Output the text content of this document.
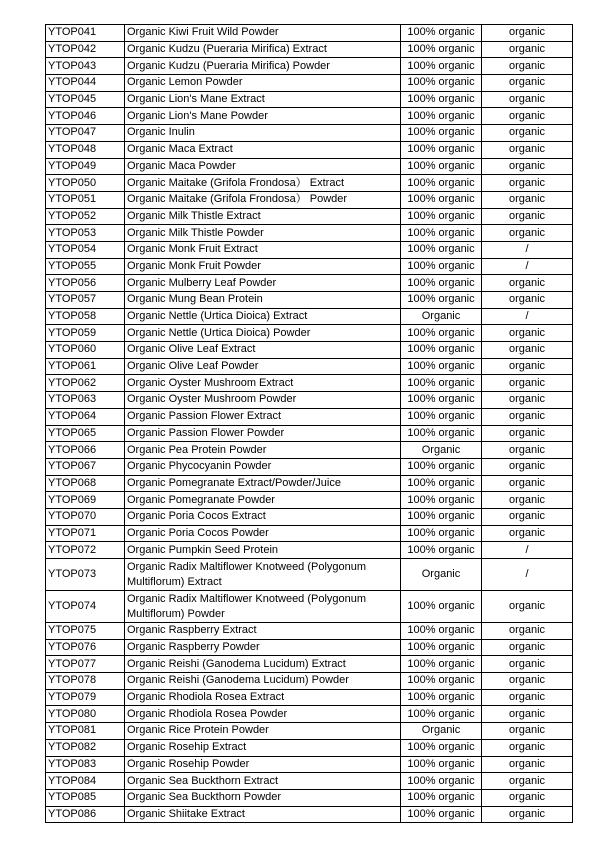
YTOP041	Organic Kiwi Fruit Wild Powder	100% organic	organic
YTOP042	Organic Kudzu (Pueraria Mirifica) Extract	100% organic	organic
YTOP043	Organic Kudzu (Pueraria Mirifica) Powder	100% organic	organic
YTOP044	Organic Lemon Powder	100% organic	organic
YTOP045	Organic Lion's Mane Extract	100% organic	organic
YTOP046	Organic Lion's Mane Powder	100% organic	organic
YTOP047	Organic Inulin	100% organic	organic
YTOP048	Organic Maca Extract	100% organic	organic
YTOP049	Organic Maca Powder	100% organic	organic
YTOP050	Organic Maitake (Grifola Frondosa） Extract	100% organic	organic
YTOP051	Organic Maitake (Grifola Frondosa） Powder	100% organic	organic
YTOP052	Organic Milk Thistle Extract	100% organic	organic
YTOP053	Organic Milk Thistle Powder	100% organic	organic
YTOP054	Organic Monk Fruit Extract	100% organic	/
YTOP055	Organic Monk Fruit Powder	100% organic	/
YTOP056	Organic Mulberry Leaf Powder	100% organic	organic
YTOP057	Organic Mung Bean Protein	100% organic	organic
YTOP058	Organic Nettle (Urtica Dioica) Extract	Organic	/
YTOP059	Organic Nettle (Urtica Dioica) Powder	100% organic	organic
YTOP060	Organic Olive Leaf Extract	100% organic	organic
YTOP061	Organic Olive Leaf Powder	100% organic	organic
YTOP062	Organic Oyster Mushroom Extract	100% organic	organic
YTOP063	Organic Oyster Mushroom Powder	100% organic	organic
YTOP064	Organic Passion Flower Extract	100% organic	organic
YTOP065	Organic Passion Flower Powder	100% organic	organic
YTOP066	Organic Pea Protein Powder	Organic	organic
YTOP067	Organic Phycocyanin Powder	100% organic	organic
YTOP068	Organic Pomegranate Extract/Powder/Juice	100% organic	organic
YTOP069	Organic Pomegranate Powder	100% organic	organic
YTOP070	Organic Poria Cocos Extract	100% organic	organic
YTOP071	Organic Poria Cocos Powder	100% organic	organic
YTOP072	Organic Pumpkin Seed Protein	100% organic	/
YTOP073	Organic Radix Maltiflower Knotweed (Polygonum Multiflorum) Extract	Organic	/
YTOP074	Organic Radix Maltiflower Knotweed (Polygonum Multiflorum) Powder	100% organic	organic
YTOP075	Organic Raspberry Extract	100% organic	organic
YTOP076	Organic Raspberry Powder	100% organic	organic
YTOP077	Organic Reishi (Ganodema Lucidum) Extract	100% organic	organic
YTOP078	Organic Reishi (Ganodema Lucidum) Powder	100% organic	organic
YTOP079	Organic Rhodiola Rosea Extract	100% organic	organic
YTOP080	Organic Rhodiola Rosea Powder	100% organic	organic
YTOP081	Organic Rice Protein Powder	Organic	organic
YTOP082	Organic Rosehip Extract	100% organic	organic
YTOP083	Organic Rosehip Powder	100% organic	organic
YTOP084	Organic Sea Buckthorn Extract	100% organic	organic
YTOP085	Organic Sea Buckthorn Powder	100% organic	organic
YTOP086	Organic Shiitake Extract	100% organic	organic
